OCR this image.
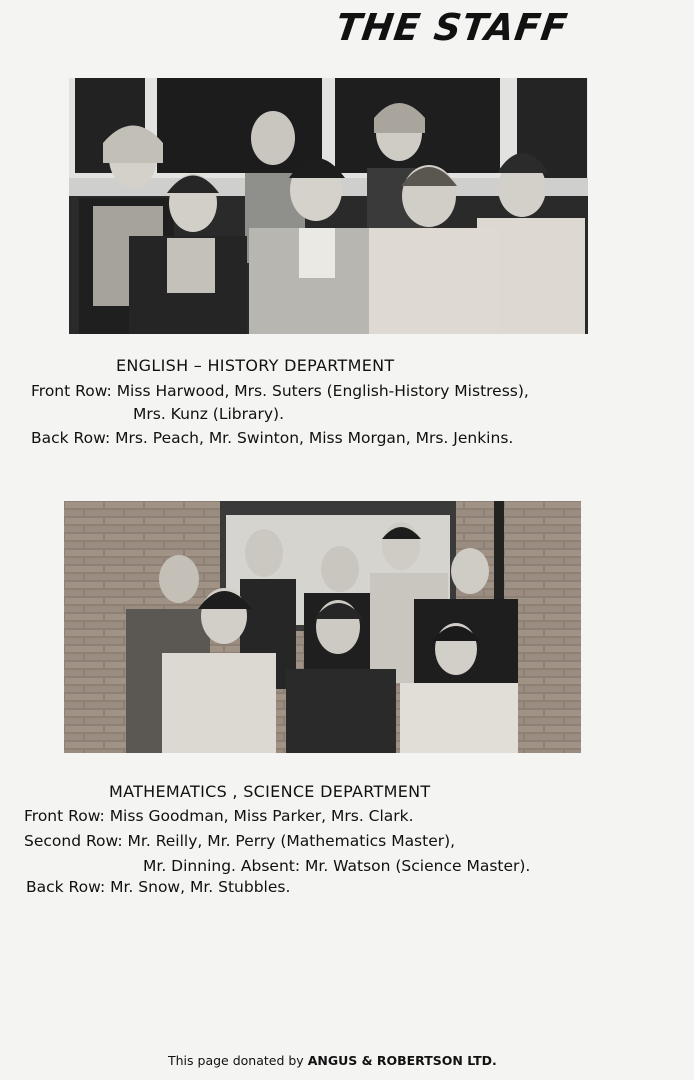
THE STAFF
ENGLISH – HISTORY DEPARTMENT
Front Row: Miss Harwood, Mrs. Suters (English-History Mistress),
Mrs. Kunz (Library).
Back Row: Mrs. Peach, Mr. Swinton, Miss Morgan, Mrs. Jenkins.
MATHEMATICS , SCIENCE DEPARTMENT
Front Row: Miss Goodman, Miss Parker, Mrs. Clark.
Second Row: Mr. Reilly, Mr. Perry (Mathematics Master),
Mr. Dinning. Absent: Mr. Watson (Science Master).
Back Row: Mr. Snow, Mr. Stubbles.
This page donated by ANGUS & ROBERTSON LTD.
